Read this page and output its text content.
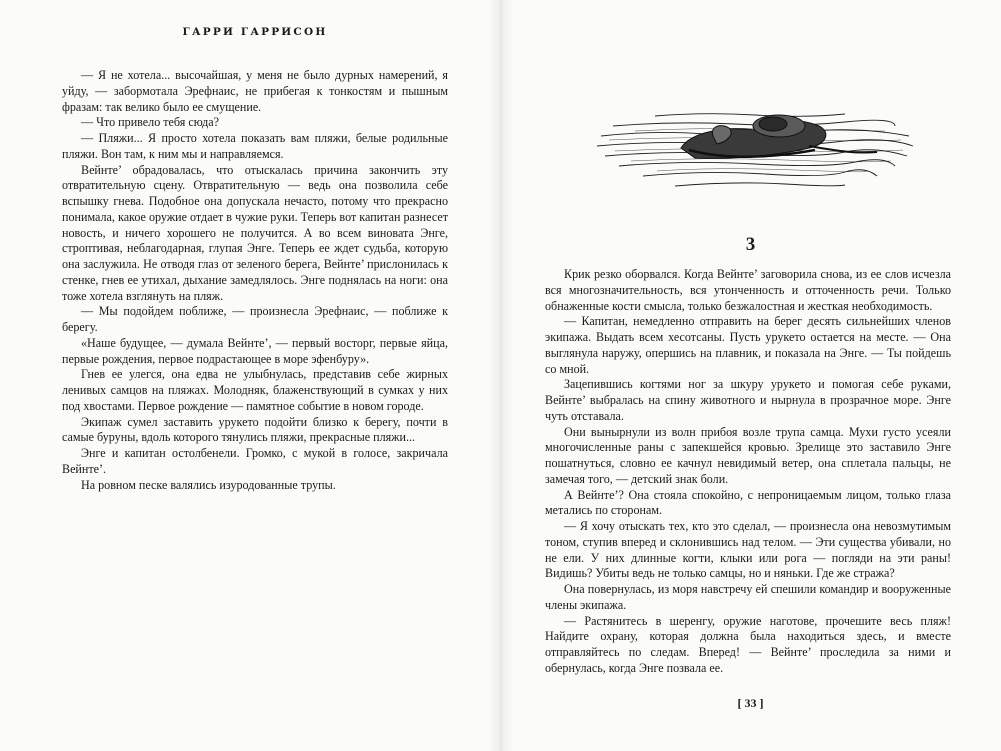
ГАРРИ ГАРРИСОН

— Я не хотела... высочайшая, у меня не было дурных намерений, я уйду, — забормотала Эрефнаис, не прибегая к тонкостям и пышным фразам: так велико было ее смущение.

— Что привело тебя сюда?

— Пляжи... Я просто хотела показать вам пляжи, белые родильные пляжи. Вон там, к ним мы и направляемся.

Вейнте’ обрадовалась, что отыскалась причина закончить эту отвратительную сцену. Отвратительную — ведь она позволила себе вспышку гнева. Подобное она допускала нечасто, потому что прекрасно понимала, какое оружие отдает в чужие руки. Теперь вот капитан разнесет новость, и ничего хорошего не получится. А во всем виновата Энге, строптивая, неблагодарная, глупая Энге. Теперь ее ждет судьба, которую она заслужила. Не отводя глаз от зеленого берега, Вейнте’ прислонилась к стенке, гнев ее утихал, дыхание замедлялось. Энге поднялась на ноги: она тоже хотела взглянуть на пляж.

— Мы подойдем поближе, — произнесла Эрефнаис, — поближе к берегу.

«Наше будущее, — думала Вейнте’, — первый восторг, первые яйца, первые рождения, первое подрастающее в море эфенбуру».

Гнев ее улегся, она едва не улыбнулась, представив себе жирных ленивых самцов на пляжах. Молодняк, блаженствующий в сумках у них под хвостами. Первое рождение — памятное событие в новом городе.

Экипаж сумел заставить урукето подойти близко к берегу, почти в самые буруны, вдоль которого тянулись пляжи, прекрасные пляжи...

Энге и капитан остолбенели. Громко, с мукой в голосе, закричала Вейнте’.

На ровном песке валялись изуродованные трупы.

3

Крик резко оборвался. Когда Вейнте’ заговорила снова, из ее слов исчезла вся многозначительность, вся утонченность и отточенность речи. Только обнаженные кости смысла, только безжалостная и жесткая необходимость.

— Капитан, немедленно отправить на берег десять сильнейших членов экипажа. Выдать всем хесотсаны. Пусть урукето остается на месте. — Она выглянула наружу, опершись на плавник, и показала на Энге. — Ты пойдешь со мной.

Зацепившись когтями ног за шкуру урукето и помогая себе руками, Вейнте’ выбралась на спину животного и нырнула в прозрачное море. Энге чуть отставала.

Они вынырнули из волн прибоя возле трупа самца. Мухи густо усеяли многочисленные раны с запекшейся кровью. Зрелище это заставило Энге пошатнуться, словно ее качнул невидимый ветер, она сплетала пальцы, не замечая того, — детский знак боли.

А Вейнте’? Она стояла спокойно, с непроницаемым лицом, только глаза метались по сторонам.

— Я хочу отыскать тех, кто это сделал, — произнесла она невозмутимым тоном, ступив вперед и склонившись над телом. — Эти существа убивали, но не ели. У них длинные когти, клыки или рога — погляди на эти раны! Видишь? Убиты ведь не только самцы, но и няньки. Где же стража?

Она повернулась, из моря навстречу ей спешили командир и вооруженные члены экипажа.

— Растянитесь в шеренгу, оружие наготове, прочешите весь пляж! Найдите охрану, которая должна была находиться здесь, и вместе отправляйтесь по следам. Вперед! — Вейнте’ проследила за ними и обернулась, когда Энге позвала ее.

[ 33 ]
